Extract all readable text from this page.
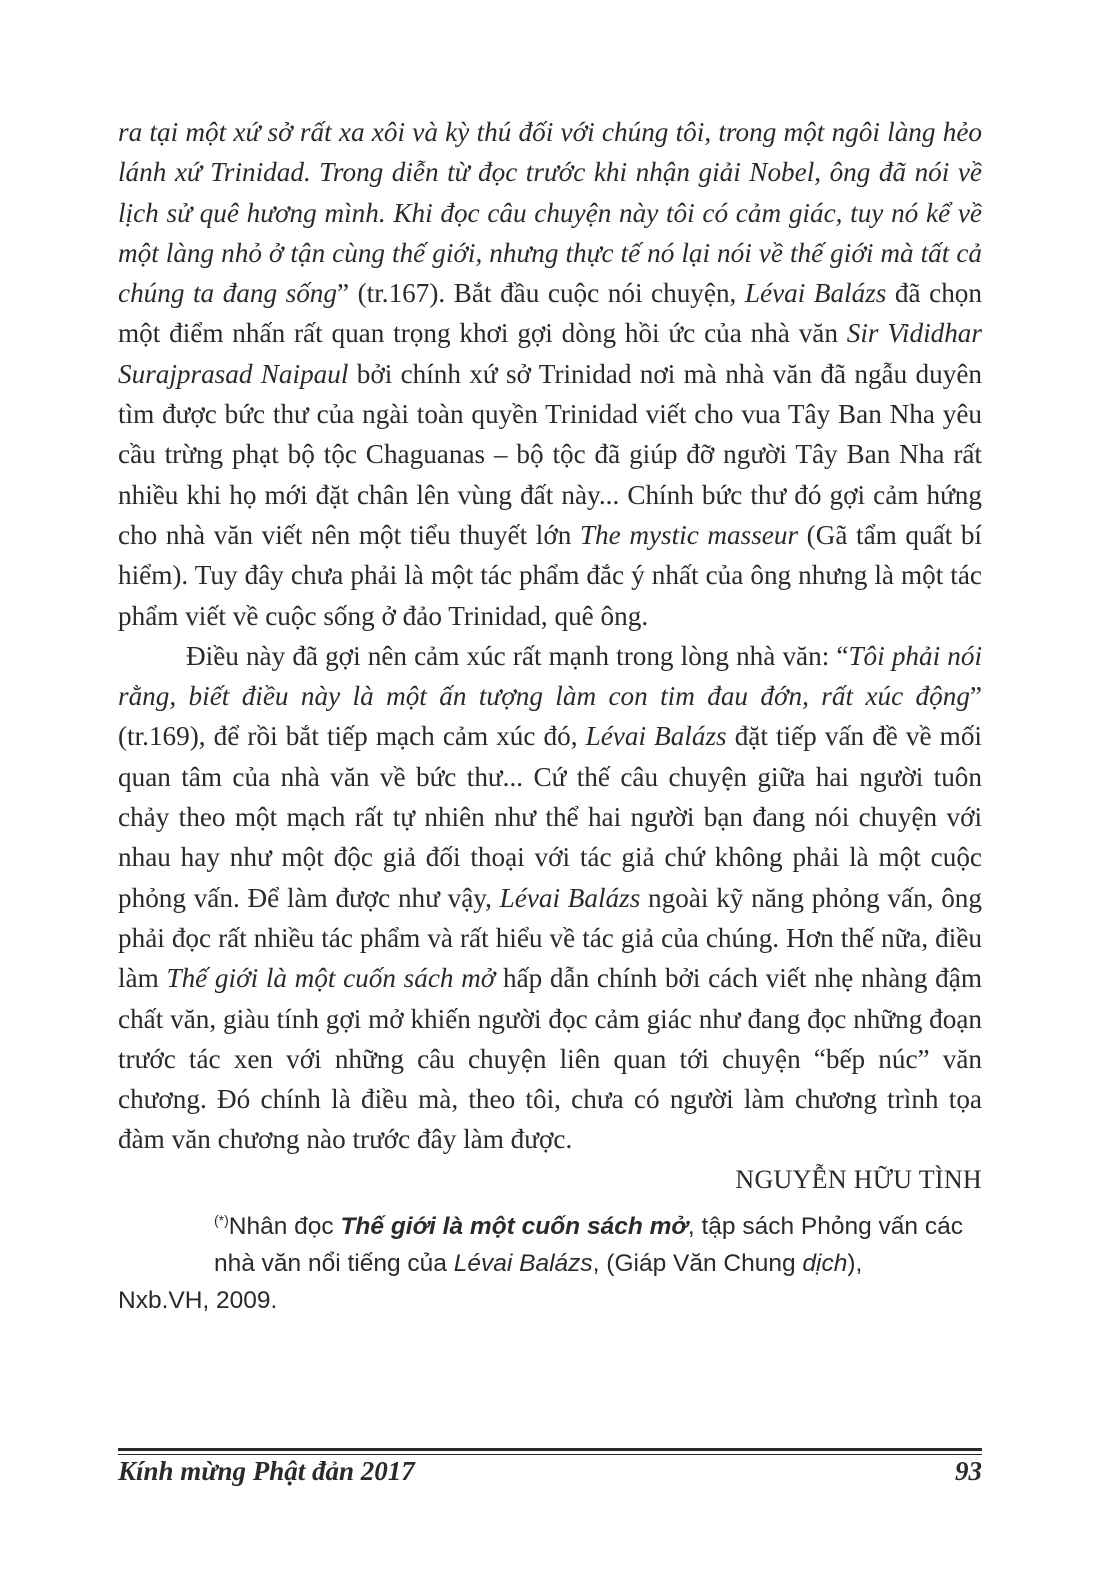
ra tại một xứ sở rất xa xôi và kỳ thú đối với chúng tôi, trong một ngôi làng hẻo lánh xứ Trinidad. Trong diễn từ đọc trước khi nhận giải Nobel, ông đã nói về lịch sử quê hương mình. Khi đọc câu chuyện này tôi có cảm giác, tuy nó kể về một làng nhỏ ở tận cùng thế giới, nhưng thực tế nó lại nói về thế giới mà tất cả chúng ta đang sống” (tr.167). Bắt đầu cuộc nói chuyện, Lévai Balázs đã chọn một điểm nhấn rất quan trọng khơi gợi dòng hồi ức của nhà văn Sir Vididhar Surajprasad Naipaul bởi chính xứ sở Trinidad nơi mà nhà văn đã ngẫu duyên tìm được bức thư của ngài toàn quyền Trinidad viết cho vua Tây Ban Nha yêu cầu trừng phạt bộ tộc Chaguanas – bộ tộc đã giúp đỡ người Tây Ban Nha rất nhiều khi họ mới đặt chân lên vùng đất này... Chính bức thư đó gợi cảm hứng cho nhà văn viết nên một tiểu thuyết lớn The mystic masseur (Gã tẩm quất bí hiểm). Tuy đây chưa phải là một tác phẩm đắc ý nhất của ông nhưng là một tác phẩm viết về cuộc sống ở đảo Trinidad, quê ông.

Điều này đã gợi nên cảm xúc rất mạnh trong lòng nhà văn: “Tôi phải nói rằng, biết điều này là một ấn tượng làm con tim đau đớn, rất xúc động” (tr.169), để rồi bắt tiếp mạch cảm xúc đó, Lévai Balázs đặt tiếp vấn đề về mối quan tâm của nhà văn về bức thư... Cứ thế câu chuyện giữa hai người tuôn chảy theo một mạch rất tự nhiên như thể hai người bạn đang nói chuyện với nhau hay như một độc giả đối thoại với tác giả chứ không phải là một cuộc phỏng vấn. Để làm được như vậy, Lévai Balázs ngoài kỹ năng phỏng vấn, ông phải đọc rất nhiều tác phẩm và rất hiểu về tác giả của chúng. Hơn thế nữa, điều làm Thế giới là một cuốn sách mở hấp dẫn chính bởi cách viết nhẹ nhàng đậm chất văn, giàu tính gợi mở khiến người đọc cảm giác như đang đọc những đoạn trước tác xen với những câu chuyện liên quan tới chuyện “bếp núc” văn chương. Đó chính là điều mà, theo tôi, chưa có người làm chương trình tọa đàm văn chương nào trước đây làm được.

NGUYỄN HỮU TÌNH

(*)Nhân đọc Thế giới là một cuốn sách mở, tập sách Phỏng vấn các nhà văn nổi tiếng của Lévai Balázs, (Giáp Văn Chung dịch),
Nxb.VH, 2009.
Kính mừng Phật đản 2017	93
